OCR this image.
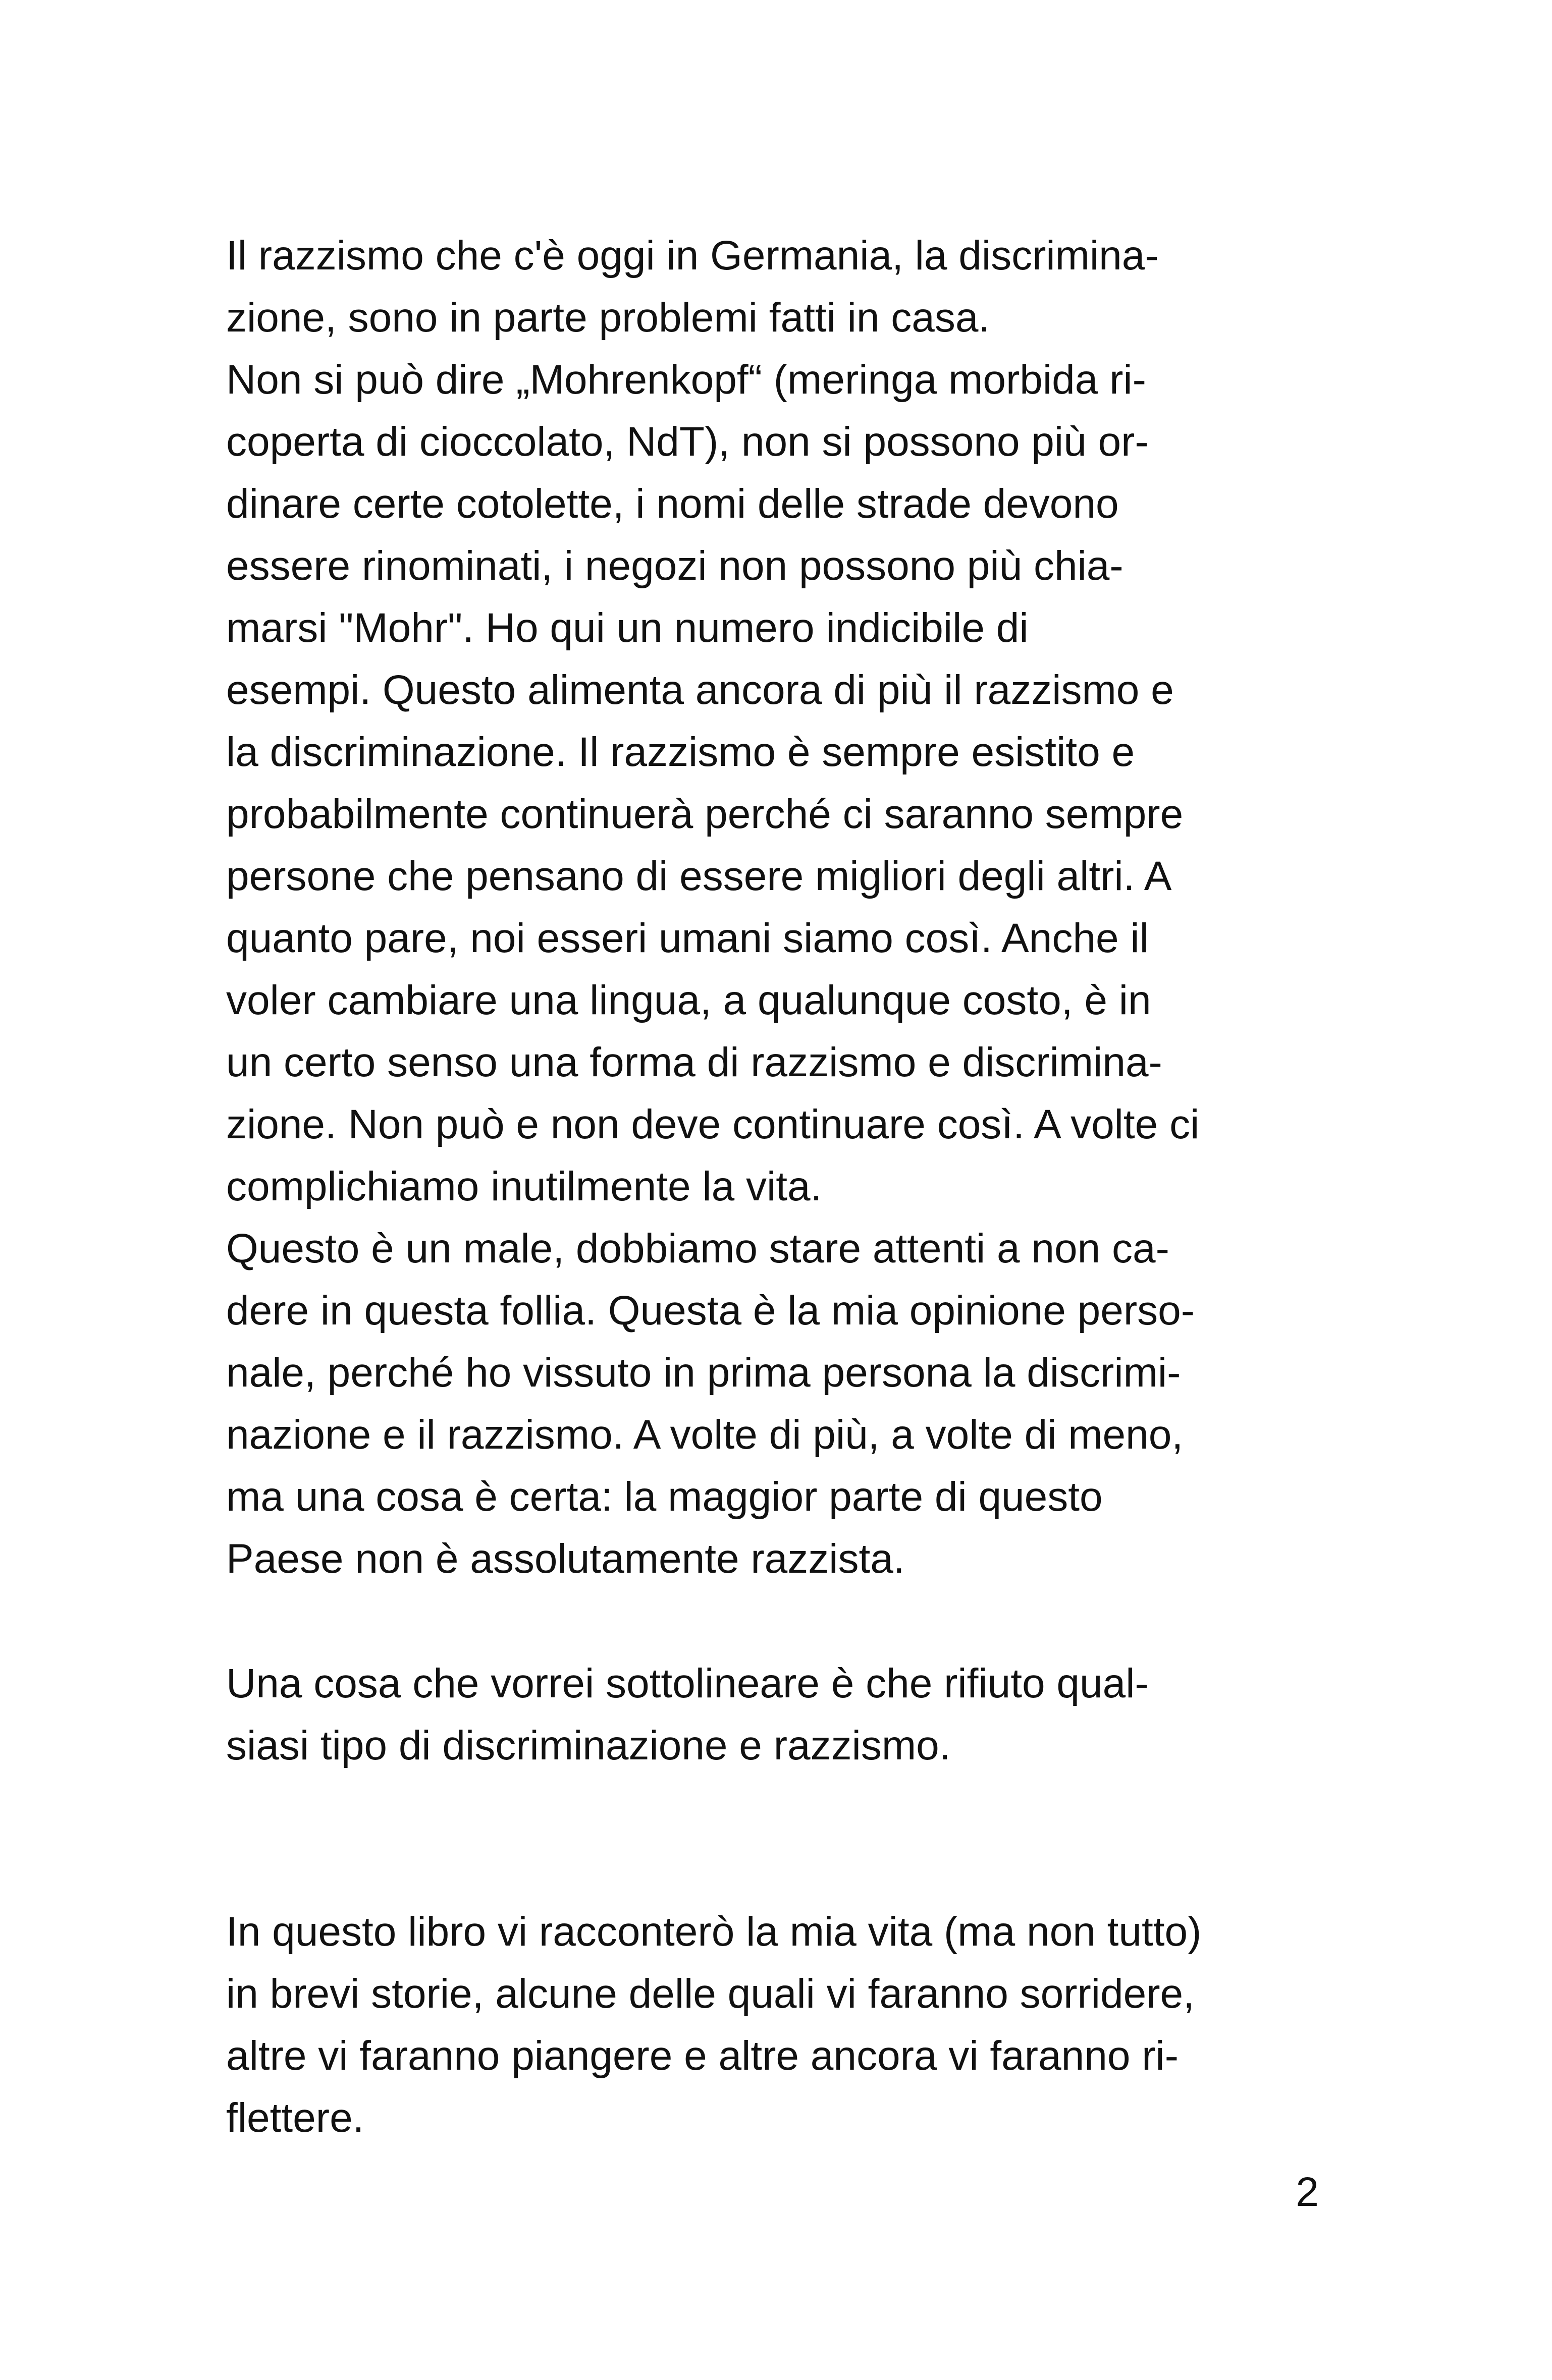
Il razzismo che c'è oggi in Germania, la discrimina-
zione, sono in parte problemi fatti in casa.
Non si può dire „Mohrenkopf“ (meringa morbida ri-
coperta di cioccolato, NdT), non si possono più or-
dinare certe cotolette, i nomi delle strade devono
essere rinominati, i negozi non possono più chia-
marsi "Mohr". Ho qui un numero indicibile di
esempi. Questo alimenta ancora di più il razzismo e
la discriminazione. Il razzismo è sempre esistito e
probabilmente continuerà perché ci saranno sempre
persone che pensano di essere migliori degli altri. A
quanto pare, noi esseri umani siamo così. Anche il
voler cambiare una lingua, a qualunque costo, è in
un certo senso una forma di razzismo e discrimina-
zione. Non può e non deve continuare così. A volte ci
complichiamo inutilmente la vita.
Questo è un male, dobbiamo stare attenti a non ca-
dere in questa follia. Questa è la mia opinione perso-
nale, perché ho vissuto in prima persona la discrimi-
nazione e il razzismo. A volte di più, a volte di meno,
ma una cosa è certa: la maggior parte di questo
Paese non è assolutamente razzista.
Una cosa che vorrei sottolineare è che rifiuto qual-
siasi tipo di discriminazione e razzismo.
In questo libro vi racconterò la mia vita (ma non tutto)
in brevi storie, alcune delle quali vi faranno sorridere,
altre vi faranno piangere e altre ancora vi faranno ri-
flettere.
2
